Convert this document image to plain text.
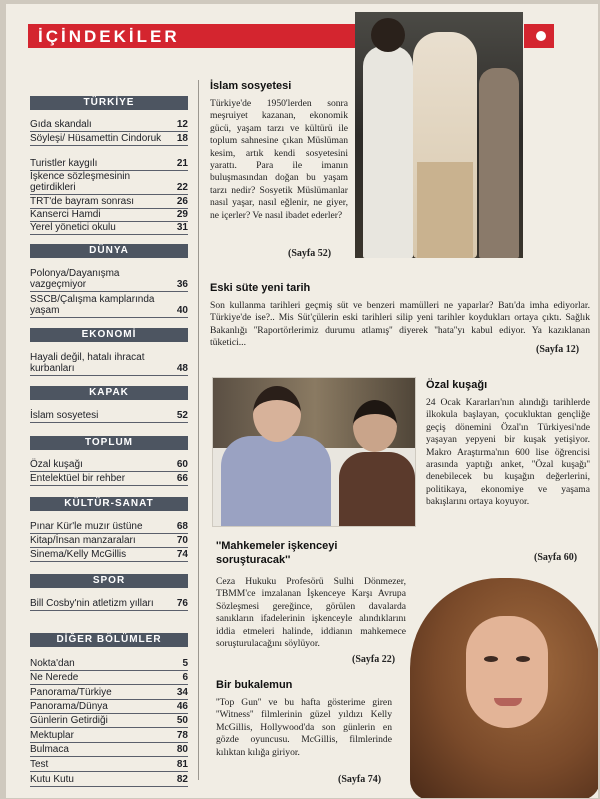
İÇİNDEKİLER
TÜRKİYE
Gıda skandalı	12
Söyleşi/ Hüsamettin Cindoruk	18
Turistler kaygılı	21
İşkence sözleşmesinin getirdikleri	22
TRT'de bayram sonrası	26
Kanserci Hamdi	29
Yerel yönetici okulu	31
DÜNYA
Polonya/Dayanışma vazgeçmiyor	36
SSCB/Çalışma kamplarında yaşam	40
EKONOMİ
Hayali değil, hatalı ihracat kurbanları	48
KAPAK
İslam sosyetesi	52
TOPLUM
Özal kuşağı	60
Entelektüel bir rehber	66
KÜLTÜR-SANAT
Pınar Kür'le muzır üstüne	68
Kitap/İnsan manzaraları	70
Sinema/Kelly McGillis	74
SPOR
Bill Cosby'nin atletizm yılları	76
DİĞER BÖLÜMLER
Nokta'dan	5
Ne Nerede	6
Panorama/Türkiye	34
Panorama/Dünya	46
Günlerin Getirdiği	50
Mektuplar	78
Bulmaca	80
Test	81
Kutu Kutu	82
İslam sosyetesi
Türkiye'de 1950'lerden sonra meşruiyet kazanan, ekonomik gücü, yaşam tarzı ve kültürü ile toplum sahnesine çıkan Müslüman kesim, artık kendi sosyetesini yarattı. Para ile imanın buluşmasından doğan bu yaşam tarzı nedir? Sosyetik Müslümanlar nasıl yaşar, nasıl eğlenir, ne giyer, ne içerler? Ve nasıl ibadet ederler?
(Sayfa 52)
Eski süte yeni tarih
Son kullanma tarihleri geçmiş süt ve benzeri mamülleri ne yaparlar? Batı'da imha ediyorlar. Türkiye'de ise?.. Mis Süt'çülerin eski tarihleri silip yeni tarihler koydukları ortaya çıktı. Sağlık Bakanlığı ''Raportörlerimiz durumu atlamış'' diyerek ''hata''yı kabul ediyor. Ya kazıklanan tüketici...
(Sayfa 12)
Özal kuşağı
24 Ocak Kararları'nın alındığı tarihlerde ilkokula başlayan, çocukluktan gençliğe geçiş dönemini Özal'ın Türkiyesi'nde yaşayan yepyeni bir kuşak yetişiyor. Makro Araştırma'nın 600 lise öğrencisi arasında yaptığı anket, ''Özal kuşağı'' denebilecek bu kuşağın değerlerini, politikaya, ekonomiye ve yaşama bakışlarını ortaya koyuyor.
(Sayfa 60)
''Mahkemeler işkenceyi soruşturacak''
Ceza Hukuku Profesörü Sulhi Dönmezer, TBMM'ce imzalanan İşkenceye Karşı Avrupa Sözleşmesi gereğince, görülen davalarda sanıkların ifadelerinin işkenceyle alındıklarını iddia etmeleri halinde, iddianın mahkemece soruşturulacağını söylüyor.
(Sayfa 22)
Bir bukalemun
''Top Gun'' ve bu hafta gösterime giren ''Witness'' filmlerinin güzel yıldızı Kelly McGillis, Hollywood'da son günlerin en gözde oyuncusu. McGillis, filmlerinde kılıktan kılığa giriyor.
(Sayfa 74)
